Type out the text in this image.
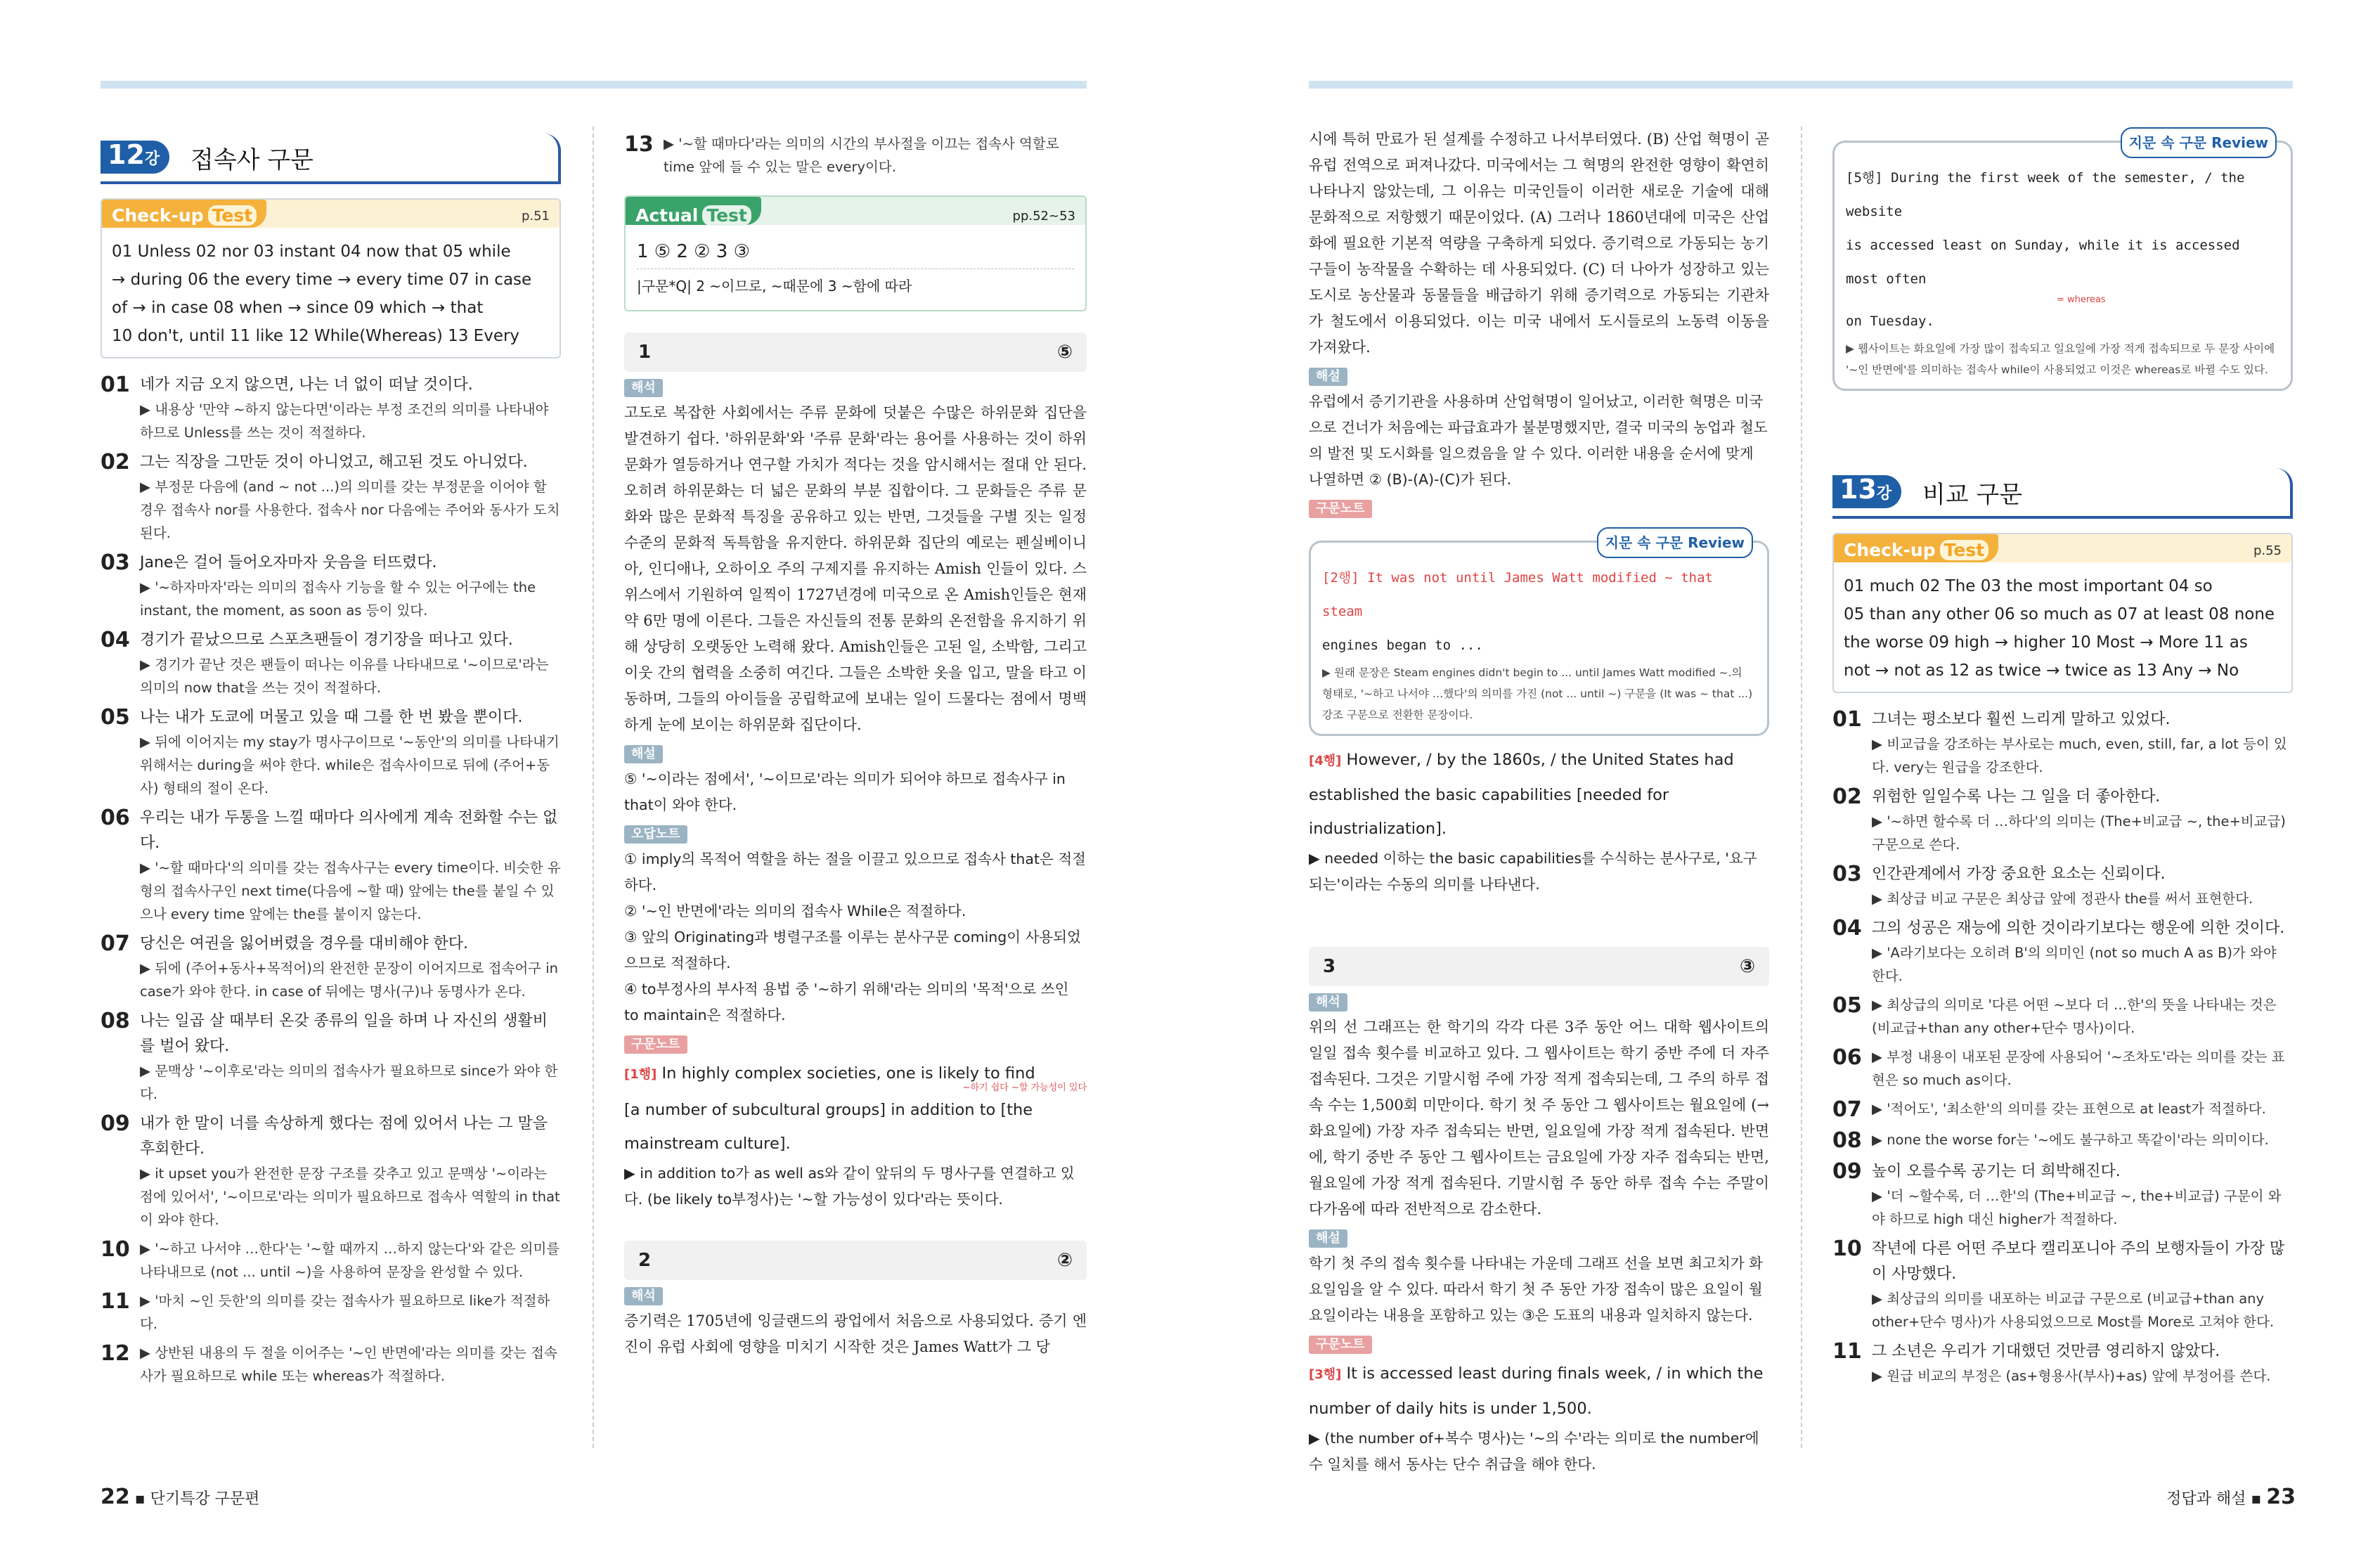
12강	접속사 구문
Check-up Test	p.51
01 Unless 02 nor 03 instant 04 now that 05 while
→ during 06 the every time → every time 07 in case
of → in case 08 when → since 09 which → that
10 don't, until 11 like 12 While(Whereas) 13 Every
01 네가 지금 오지 않으면, 나는 너 없이 떠날 것이다.
▶ 내용상 '만약 ~하지 않는다면'이라는 부정 조건의 의미를 나타내야 하므로 Unless를 쓰는 것이 적절하다.
02 그는 직장을 그만둔 것이 아니었고, 해고된 것도 아니었다.
▶ 부정문 다음에 (and ~ not ...)의 의미를 갖는 부정문을 이어야 할 경우 접속사 nor를 사용한다. 접속사 nor 다음에는 주어와 동사가 도치된다.
03 Jane은 걸어 들어오자마자 웃음을 터뜨렸다.
▶ '~하자마자'라는 의미의 접속사 기능을 할 수 있는 어구에는 the instant, the moment, as soon as 등이 있다.
04 경기가 끝났으므로 스포츠팬들이 경기장을 떠나고 있다.
▶ 경기가 끝난 것은 팬들이 떠나는 이유를 나타내므로 '~이므로'라는 의미의 now that을 쓰는 것이 적절하다.
05 나는 내가 도쿄에 머물고 있을 때 그를 한 번 봤을 뿐이다.
▶ 뒤에 이어지는 my stay가 명사구이므로 '~동안'의 의미를 나타내기 위해서는 during을 써야 한다. while은 접속사이므로 뒤에 (주어+동사) 형태의 절이 온다.
06 우리는 내가 두통을 느낄 때마다 의사에게 계속 전화할 수는 없다.
▶ '~할 때마다'의 의미를 갖는 접속사구는 every time이다. 비슷한 유형의 접속사구인 next time(다음에 ~할 때) 앞에는 the를 붙일 수 있으나 every time 앞에는 the를 붙이지 않는다.
07 당신은 여권을 잃어버렸을 경우를 대비해야 한다.
▶ 뒤에 (주어+동사+목적어)의 완전한 문장이 이어지므로 접속어구 in case가 와야 한다. in case of 뒤에는 명사(구)나 동명사가 온다.
08 나는 일곱 살 때부터 온갖 종류의 일을 하며 나 자신의 생활비를 벌어 왔다.
▶ 문맥상 '~이후로'라는 의미의 접속사가 필요하므로 since가 와야 한다.
09 내가 한 말이 너를 속상하게 했다는 점에 있어서 나는 그 말을 후회한다.
▶ it upset you가 완전한 문장 구조를 갖추고 있고 문맥상 '~이라는 점에 있어서', '~이므로'라는 의미가 필요하므로 접속사 역할의 in that이 와야 한다.
10 ▶ '~하고 나서야 …한다'는 '~할 때까지 …하지 않는다'와 같은 의미를 나타내므로 (not ... until ~)을 사용하여 문장을 완성할 수 있다.
11 ▶ '마치 ~인 듯한'의 의미를 갖는 접속사가 필요하므로 like가 적절하다.
12 ▶ 상반된 내용의 두 절을 이어주는 '~인 반면에'라는 의미를 갖는 접속사가 필요하므로 while 또는 whereas가 적절하다.
22 ▪ 단기특강 구문편
13 ▶ '~할 때마다'라는 의미의 시간의 부사절을 이끄는 접속사 역할로 time 앞에 들 수 있는 말은 every이다.
Actual Test	pp.52~53
1 ⑤ 2 ② 3 ③
|구문*Q| 2 ~이므로, ~때문에 3 ~함에 따라
1	⑤
해석
고도로 복잡한 사회에서는 주류 문화에 덧붙은 수많은 하위문화 집단을 발견하기 쉽다. '하위문화'와 '주류 문화'라는 용어를 사용하는 것이 하위문화가 열등하거나 연구할 가치가 적다는 것을 암시해서는 절대 안 된다. 오히려 하위문화는 더 넓은 문화의 부분 집합이다. 그 문화들은 주류 문화와 많은 문화적 특징을 공유하고 있는 반면, 그것들을 구별 짓는 일정 수준의 문화적 독특함을 유지한다. 하위문화 집단의 예로는 펜실베이니아, 인디애나, 오하이오 주의 구제지를 유지하는 Amish 인들이 있다. 스위스에서 기원하여 일찍이 1727년경에 미국으로 온 Amish인들은 현재 약 6만 명에 이른다. 그들은 자신들의 전통 문화의 온전함을 유지하기 위해 상당히 오랫동안 노력해 왔다. Amish인들은 고된 일, 소박함, 그리고 이웃 간의 협력을 소중히 여긴다. 그들은 소박한 옷을 입고, 말을 타고 이동하며, 그들의 아이들을 공립학교에 보내는 일이 드물다는 점에서 명백하게 눈에 보이는 하위문화 집단이다.
해설
⑤ '~이라는 점에서', '~이므로'라는 의미가 되어야 하므로 접속사구 in that이 와야 한다.
오답노트
① imply의 목적어 역할을 하는 절을 이끌고 있으므로 접속사 that은 적절하다.
② '~인 반면에'라는 의미의 접속사 While은 적절하다.
③ 앞의 Originating과 병렬구조를 이루는 분사구문 coming이 사용되었으므로 적절하다.
④ to부정사의 부사적 용법 중 '~하기 위해'라는 의미의 '목적'으로 쓰인 to maintain은 적절하다.
구문노트
[1행] In highly complex societies, one is likely to find
~하기 쉽다 ~할 가능성이 있다
[a number of subcultural groups] in addition to [the
mainstream culture].
▶ in addition to가 as well as와 같이 앞뒤의 두 명사구를 연결하고 있다. (be likely to부정사)는 '~할 가능성이 있다'라는 뜻이다.
2	②
해석
증기력은 1705년에 잉글랜드의 광업에서 처음으로 사용되었다. 증기 엔진이 유럽 사회에 영향을 미치기 시작한 것은 James Watt가 그 당
시에 특허 만료가 된 설계를 수정하고 나서부터였다. (B) 산업 혁명이 곧 유럽 전역으로 퍼져나갔다. 미국에서는 그 혁명의 완전한 영향이 확연히 나타나지 않았는데, 그 이유는 미국인들이 이러한 새로운 기술에 대해 문화적으로 저항했기 때문이었다. (A) 그러나 1860년대에 미국은 산업화에 필요한 기본적 역량을 구축하게 되었다. 증기력으로 가동되는 농기구들이 농작물을 수확하는 데 사용되었다. (C) 더 나아가 성장하고 있는 도시로 농산물과 동물들을 배급하기 위해 증기력으로 가동되는 기관차가 철도에서 이용되었다. 이는 미국 내에서 도시들로의 노동력 이동을 가져왔다.
해설
유럽에서 증기기관을 사용하며 산업혁명이 일어났고, 이러한 혁명은 미국으로 건너가 처음에는 파급효과가 불분명했지만, 결국 미국의 농업과 철도의 발전 및 도시화를 일으켰음을 알 수 있다. 이러한 내용을 순서에 맞게 나열하면 ② (B)-(A)-(C)가 된다.
구문노트
지문 속 구문 Review
[2행] It was not until James Watt modified ~ that steam
engines began to ...
▶ 원래 문장은 Steam engines didn't begin to ... until James Watt modified ~.의 형태로, '~하고 나서야 …했다'의 의미를 가진 (not ... until ~) 구문을 (It was ~ that ...) 강조 구문으로 전환한 문장이다.
[4행] However, / by the 1860s, / the United States had
established the basic capabilities [needed for industrialization].
▶ needed 이하는 the basic capabilities를 수식하는 분사구로, '요구되는'이라는 수동의 의미를 나타낸다.
3	③
해석
위의 선 그래프는 한 학기의 각각 다른 3주 동안 어느 대학 웹사이트의 일일 접속 횟수를 비교하고 있다. 그 웹사이트는 학기 중반 주에 더 자주 접속된다. 그것은 기말시험 주에 가장 적게 접속되는데, 그 주의 하루 접속 수는 1,500회 미만이다. 학기 첫 주 동안 그 웹사이트는 월요일에 (→ 화요일에) 가장 자주 접속되는 반면, 일요일에 가장 적게 접속된다. 반면에, 학기 중반 주 동안 그 웹사이트는 금요일에 가장 자주 접속되는 반면, 월요일에 가장 적게 접속된다. 기말시험 주 동안 하루 접속 수는 주말이 다가옴에 따라 전반적으로 감소한다.
해설
학기 첫 주의 접속 횟수를 나타내는 가운데 그래프 선을 보면 최고치가 화요일임을 알 수 있다. 따라서 학기 첫 주 동안 가장 접속이 많은 요일이 월요일이라는 내용을 포함하고 있는 ③은 도표의 내용과 일치하지 않는다.
구문노트
[3행] It is accessed least during finals week, / in which the
number of daily hits is under 1,500.
▶ (the number of+복수 명사)는 '~의 수'라는 의미로 the number에 수 일치를 해서 동사는 단수 취급을 해야 한다.
지문 속 구문 Review
[5행] During the first week of the semester, / the website
is accessed least on Sunday, while it is accessed most often
= whereas
on Tuesday.
▶ 웹사이트는 화요일에 가장 많이 접속되고 일요일에 가장 적게 접속되므로 두 문장 사이에 '~인 반면에'를 의미하는 접속사 while이 사용되었고 이것은 whereas로 바뀔 수도 있다.
13강	비교 구문
Check-up Test	p.55
01 much 02 The 03 the most important 04 so
05 than any other 06 so much as 07 at least 08 none
the worse 09 high → higher 10 Most → More 11 as
not → not as 12 as twice → twice as 13 Any → No
01 그녀는 평소보다 훨씬 느리게 말하고 있었다.
▶ 비교급을 강조하는 부사로는 much, even, still, far, a lot 등이 있다. very는 원급을 강조한다.
02 위험한 일일수록 나는 그 일을 더 좋아한다.
▶ '~하면 할수록 더 …하다'의 의미는 (The+비교급 ~, the+비교급) 구문으로 쓴다.
03 인간관계에서 가장 중요한 요소는 신뢰이다.
▶ 최상급 비교 구문은 최상급 앞에 정관사 the를 써서 표현한다.
04 그의 성공은 재능에 의한 것이라기보다는 행운에 의한 것이다.
▶ 'A라기보다는 오히려 B'의 의미인 (not so much A as B)가 와야 한다.
05 ▶ 최상급의 의미로 '다른 어떤 ~보다 더 …한'의 뜻을 나타내는 것은 (비교급+than any other+단수 명사)이다.
06 ▶ 부정 내용이 내포된 문장에 사용되어 '~조차도'라는 의미를 갖는 표현은 so much as이다.
07 ▶ '적어도', '최소한'의 의미를 갖는 표현으로 at least가 적절하다.
08 ▶ none the worse for는 '~에도 불구하고 똑같이'라는 의미이다.
09 높이 오를수록 공기는 더 희박해진다.
▶ '더 ~할수록, 더 …한'의 (The+비교급 ~, the+비교급) 구문이 와야 하므로 high 대신 higher가 적절하다.
10 작년에 다른 어떤 주보다 캘리포니아 주의 보행자들이 가장 많이 사망했다.
▶ 최상급의 의미를 내포하는 비교급 구문으로 (비교급+than any other+단수 명사)가 사용되었으므로 Most를 More로 고쳐야 한다.
11 그 소년은 우리가 기대했던 것만큼 영리하지 않았다.
▶ 원급 비교의 부정은 (as+형용사(부사)+as) 앞에 부정어를 쓴다.
정답과 해설 ▪ 23
